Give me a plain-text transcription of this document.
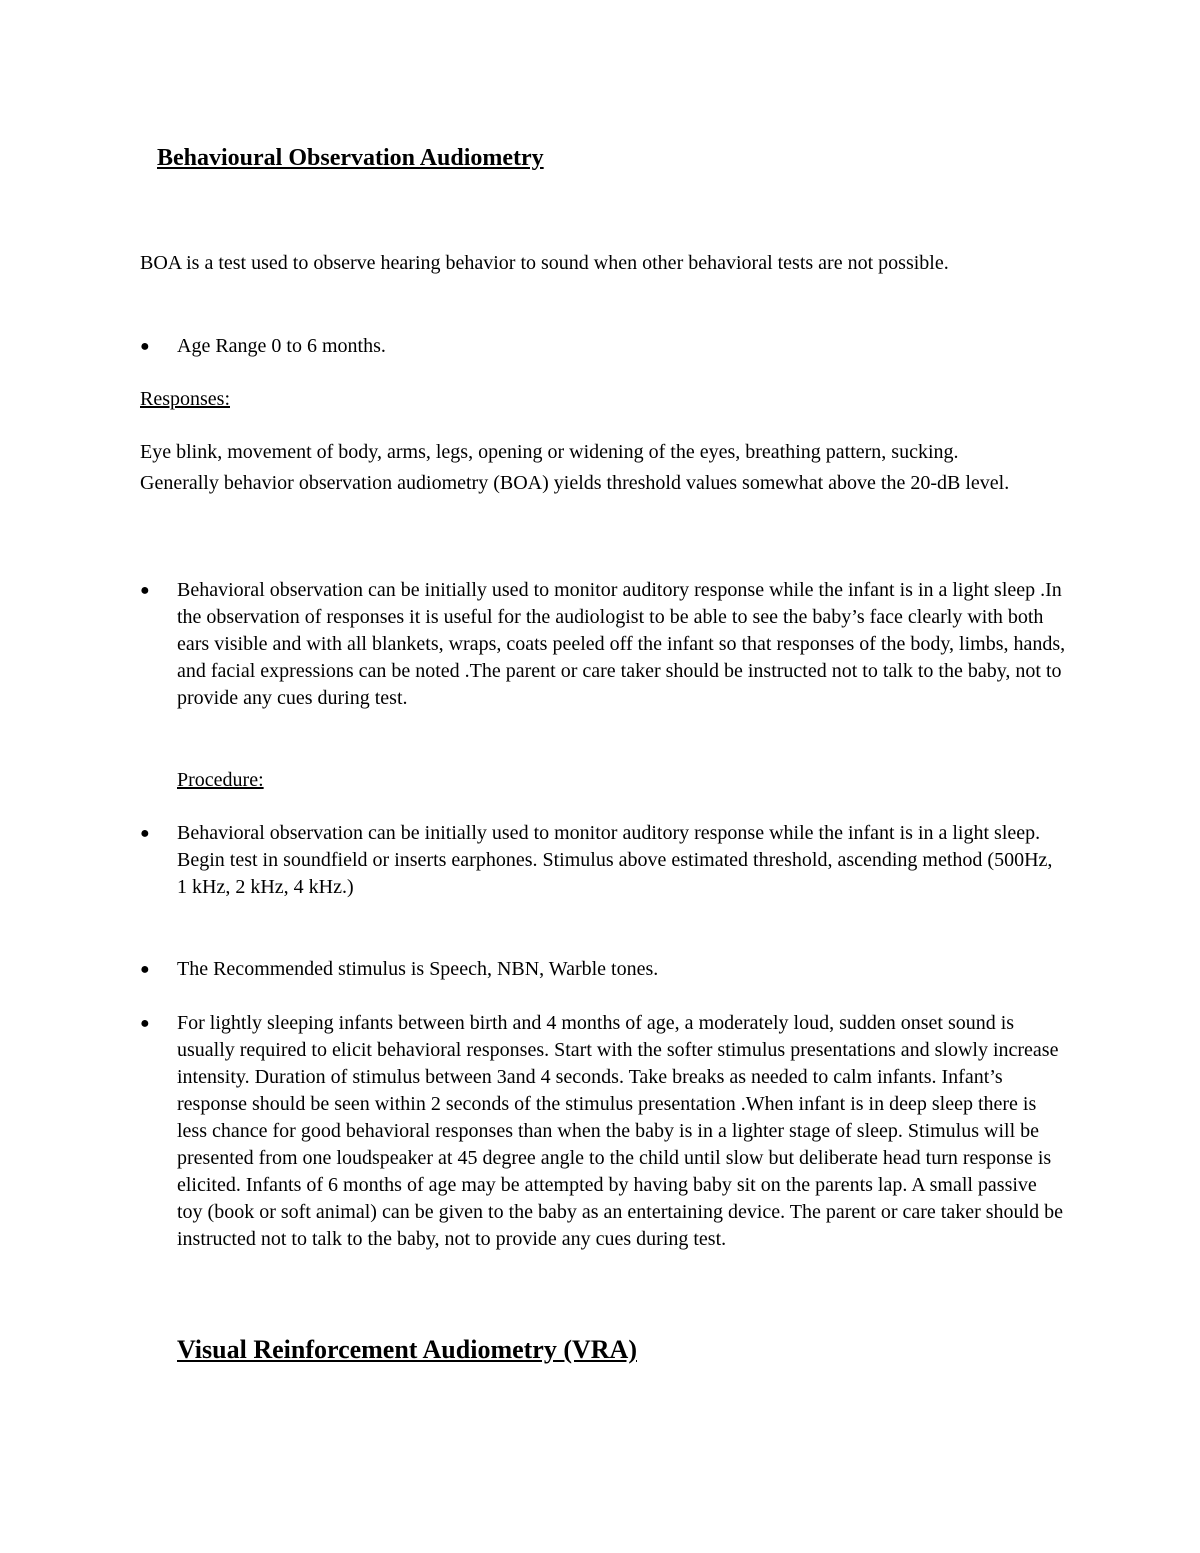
Behavioural Observation Audiometry

BOA is a test used to observe hearing behavior to sound when other behavioral tests are not possible.

●	Age Range 0 to 6 months.

Responses:

Eye blink, movement of body, arms, legs, opening or widening of the eyes, breathing pattern, sucking. Generally behavior observation audiometry (BOA) yields threshold values somewhat above the 20-dB level.

●	Behavioral observation can be initially used to monitor auditory response while the infant is in a light sleep .In the observation of responses it is useful for the audiologist to be able to see the baby’s face clearly with both ears visible and with all blankets, wraps, coats peeled off the infant so that responses of the body, limbs, hands, and facial expressions can be noted .The parent or care taker should be instructed not to talk to the baby, not to provide any cues during test.

Procedure:

●	Behavioral observation can be initially used to monitor auditory response while the infant is in a light sleep. Begin test in soundfield or inserts earphones. Stimulus above estimated threshold, ascending method (500Hz, 1 kHz, 2 kHz, 4 kHz.)

●	The Recommended stimulus is Speech, NBN, Warble tones.

●	For lightly sleeping infants between birth and 4 months of age, a moderately loud, sudden onset sound is usually required to elicit behavioral responses. Start with the softer stimulus presentations and slowly increase intensity. Duration of stimulus between 3and 4 seconds. Take breaks as needed to calm infants. Infant’s response should be seen within 2 seconds of the stimulus presentation .When infant is in deep sleep there is less chance for good behavioral responses than when the baby is in a lighter stage of sleep. Stimulus will be presented from one loudspeaker at 45 degree angle to the child until slow but deliberate head turn response is elicited. Infants of 6 months of age may be attempted by having baby sit on the parents lap. A small passive toy (book or soft animal) can be given to the baby as an entertaining device. The parent or care taker should be instructed not to talk to the baby, not to provide any cues during test.

Visual Reinforcement Audiometry (VRA)
